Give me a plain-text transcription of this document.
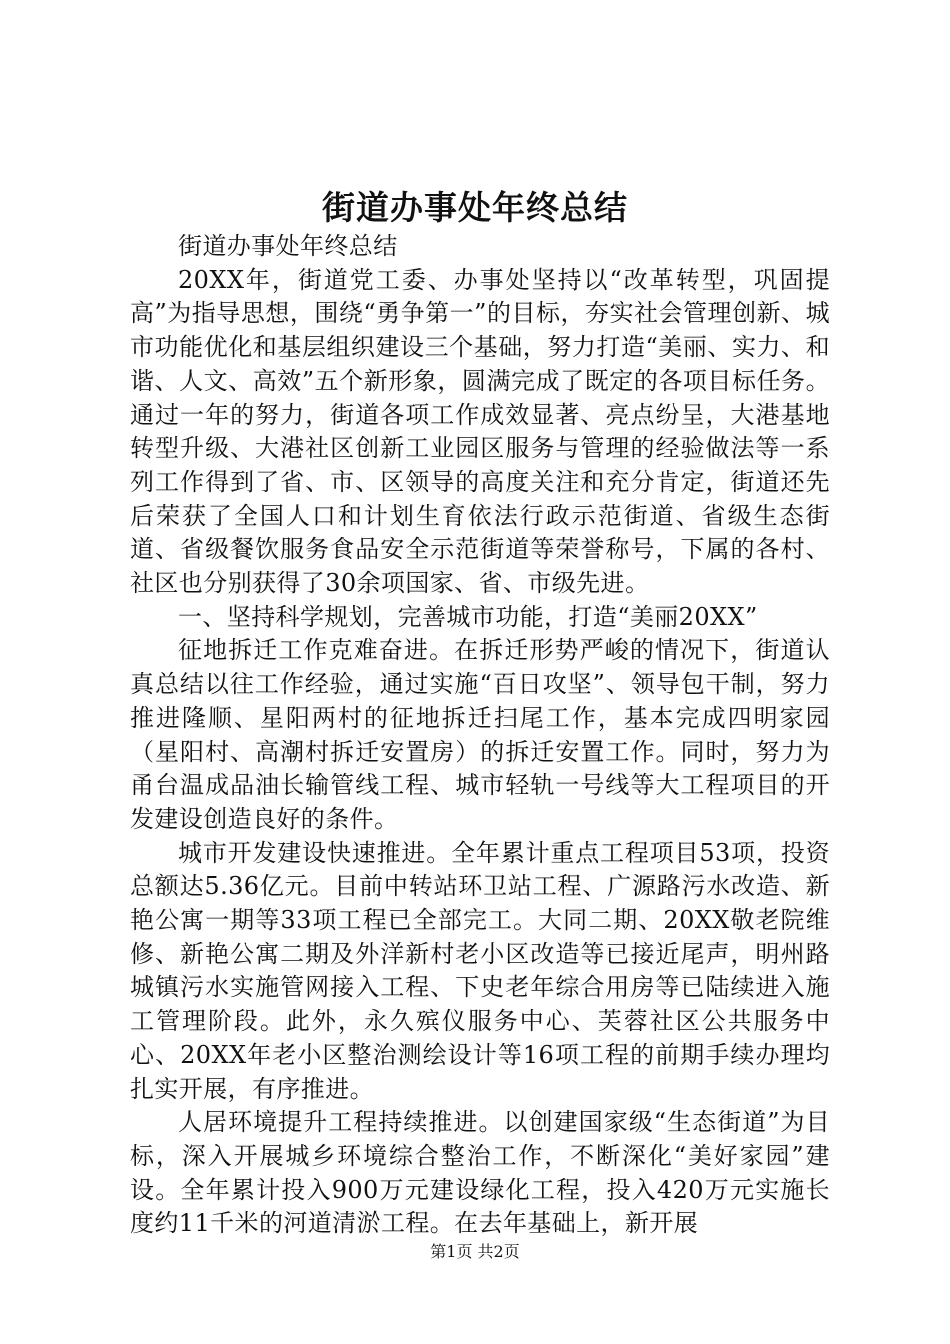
街道办事处年终总结

街道办事处年终总结

20XX年，街道党工委、办事处坚持以“改革转型，巩固提高”为指导思想，围绕“勇争第一”的目标，夯实社会管理创新、城市功能优化和基层组织建设三个基础，努力打造“美丽、实力、和谐、人文、高效”五个新形象，圆满完成了既定的各项目标任务。通过一年的努力，街道各项工作成效显著、亮点纷呈，大港基地转型升级、大港社区创新工业园区服务与管理的经验做法等一系列工作得到了省、市、区领导的高度关注和充分肯定，街道还先后荣获了全国人口和计划生育依法行政示范街道、省级生态街道、省级餐饮服务食品安全示范街道等荣誉称号，下属的各村、社区也分别获得了30余项国家、省、市级先进。

一、坚持科学规划，完善城市功能，打造“美丽20XX”

征地拆迁工作克难奋进。在拆迁形势严峻的情况下，街道认真总结以往工作经验，通过实施“百日攻坚”、领导包干制，努力推进隆顺、星阳两村的征地拆迁扫尾工作，基本完成四明家园（星阳村、高潮村拆迁安置房）的拆迁安置工作。同时，努力为甬台温成品油长输管线工程、城市轻轨一号线等大工程项目的开发建设创造良好的条件。

城市开发建设快速推进。全年累计重点工程项目53项，投资总额达5.36亿元。目前中转站环卫站工程、广源路污水改造、新艳公寓一期等33项工程已全部完工。大同二期、20XX敬老院维修、新艳公寓二期及外洋新村老小区改造等已接近尾声，明州路城镇污水实施管网接入工程、下史老年综合用房等已陆续进入施工管理阶段。此外，永久殡仪服务中心、芙蓉社区公共服务中心、20XX年老小区整治测绘设计等16项工程的前期手续办理均扎实开展，有序推进。

人居环境提升工程持续推进。以创建国家级“生态街道”为目标，深入开展城乡环境综合整治工作，不断深化“美好家园”建设。全年累计投入900万元建设绿化工程，投入420万元实施长度约11千米的河道清淤工程。在去年基础上，新开展

第1页 共2页
